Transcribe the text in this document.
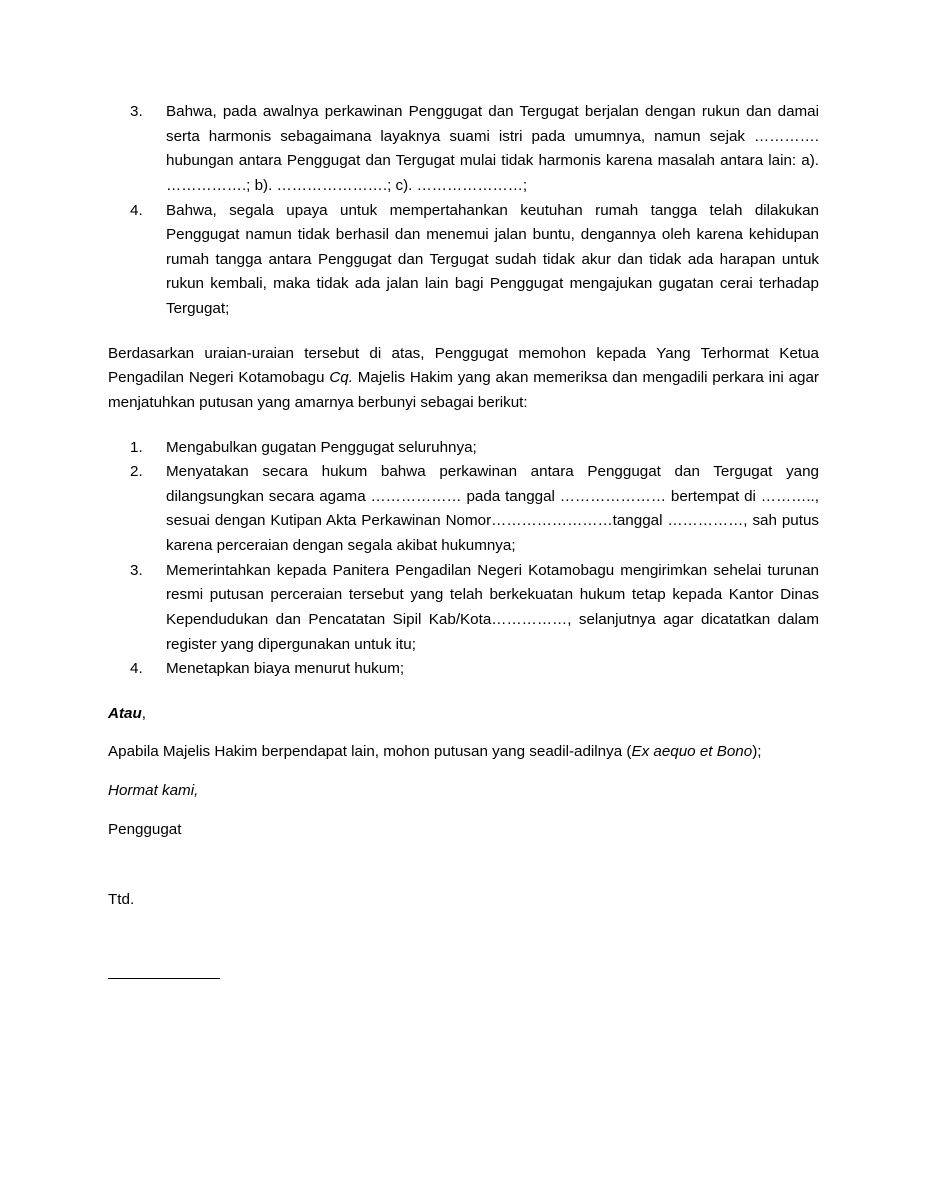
3.	Bahwa, pada awalnya perkawinan Penggugat dan Tergugat berjalan dengan rukun dan damai serta harmonis sebagaimana layaknya suami istri pada umumnya, namun sejak …………. hubungan antara Penggugat dan Tergugat mulai tidak harmonis karena masalah antara lain: a). …………….; b). ………………….; c). …………………;
4.	Bahwa, segala upaya untuk mempertahankan keutuhan rumah tangga telah dilakukan Penggugat namun tidak berhasil dan menemui jalan buntu, dengannya oleh karena kehidupan rumah tangga antara Penggugat dan Tergugat sudah tidak akur dan tidak ada harapan untuk rukun kembali, maka tidak ada jalan lain bagi Penggugat mengajukan gugatan cerai terhadap Tergugat;

Berdasarkan uraian-uraian tersebut di atas, Penggugat memohon kepada Yang Terhormat Ketua Pengadilan Negeri Kotamobagu Cq. Majelis Hakim yang akan memeriksa dan mengadili perkara ini agar menjatuhkan putusan yang amarnya berbunyi sebagai berikut:

1.	Mengabulkan gugatan Penggugat seluruhnya;
2.	Menyatakan secara hukum bahwa perkawinan antara Penggugat dan Tergugat yang dilangsungkan secara agama ……………… pada tanggal ………………… bertempat di ……….., sesuai dengan Kutipan Akta Perkawinan Nomor……………………tanggal ……………, sah putus karena perceraian dengan segala akibat hukumnya;
3.	Memerintahkan kepada Panitera Pengadilan Negeri Kotamobagu mengirimkan sehelai turunan resmi putusan perceraian tersebut yang telah berkekuatan hukum tetap kepada Kantor Dinas Kependudukan dan Pencatatan Sipil Kab/Kota……………, selanjutnya agar dicatatkan dalam register yang dipergunakan untuk itu;
4.	Menetapkan biaya menurut hukum;

Atau,

Apabila Majelis Hakim berpendapat lain, mohon putusan yang seadil-adilnya (Ex aequo et Bono);

Hormat kami,

Penggugat

Ttd.
